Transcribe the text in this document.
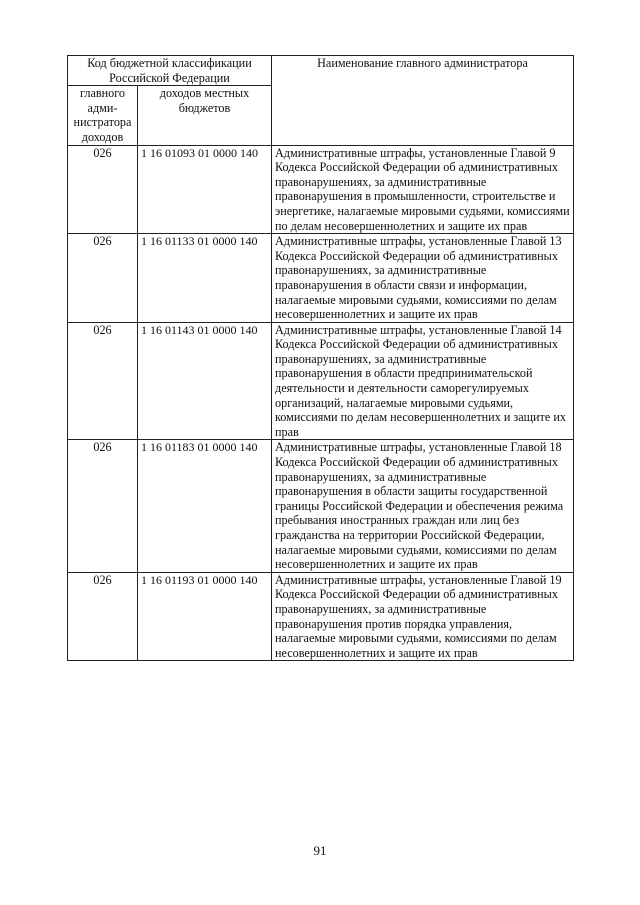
Код бюджетной классификации Российской Федерации		Наименование главного администратора
главного адми-нистратора доходов	доходов местных бюджетов	
026	1 16 01093 01 0000 140	Административные штрафы, установленные Главой 9 Кодекса Российской Федерации об административных правонарушениях, за административные правонарушения в промышленности, строительстве и энергетике, налагаемые мировыми судьями, комиссиями по делам несовершеннолетних и защите их прав
026	1 16 01133 01 0000 140	Административные штрафы, установленные Главой 13 Кодекса Российской Федерации об административных правонарушениях, за административные правонарушения в области связи и информации, налагаемые мировыми судьями, комиссиями по делам несовершеннолетних и защите их прав
026	1 16 01143 01 0000 140	Административные штрафы, установленные Главой 14 Кодекса Российской Федерации об административных правонарушениях, за административные правонарушения в области предпринимательской деятельности и деятельности саморегулируемых организаций, налагаемые мировыми судьями, комиссиями по делам несовершеннолетних и защите их прав
026	1 16 01183 01 0000 140	Административные штрафы, установленные Главой 18 Кодекса Российской Федерации об административных правонарушениях, за административные правонарушения в области защиты государственной границы Российской Федерации и обеспечения режима пребывания иностранных граждан или лиц без гражданства на территории Российской Федерации, налагаемые мировыми судьями, комиссиями по делам несовершеннолетних и защите их прав
026	1 16 01193 01 0000 140	Административные штрафы, установленные Главой 19 Кодекса Российской Федерации об административных правонарушениях, за административные правонарушения против порядка управления, налагаемые мировыми судьями, комиссиями по делам несовершеннолетних и защите их прав
91
